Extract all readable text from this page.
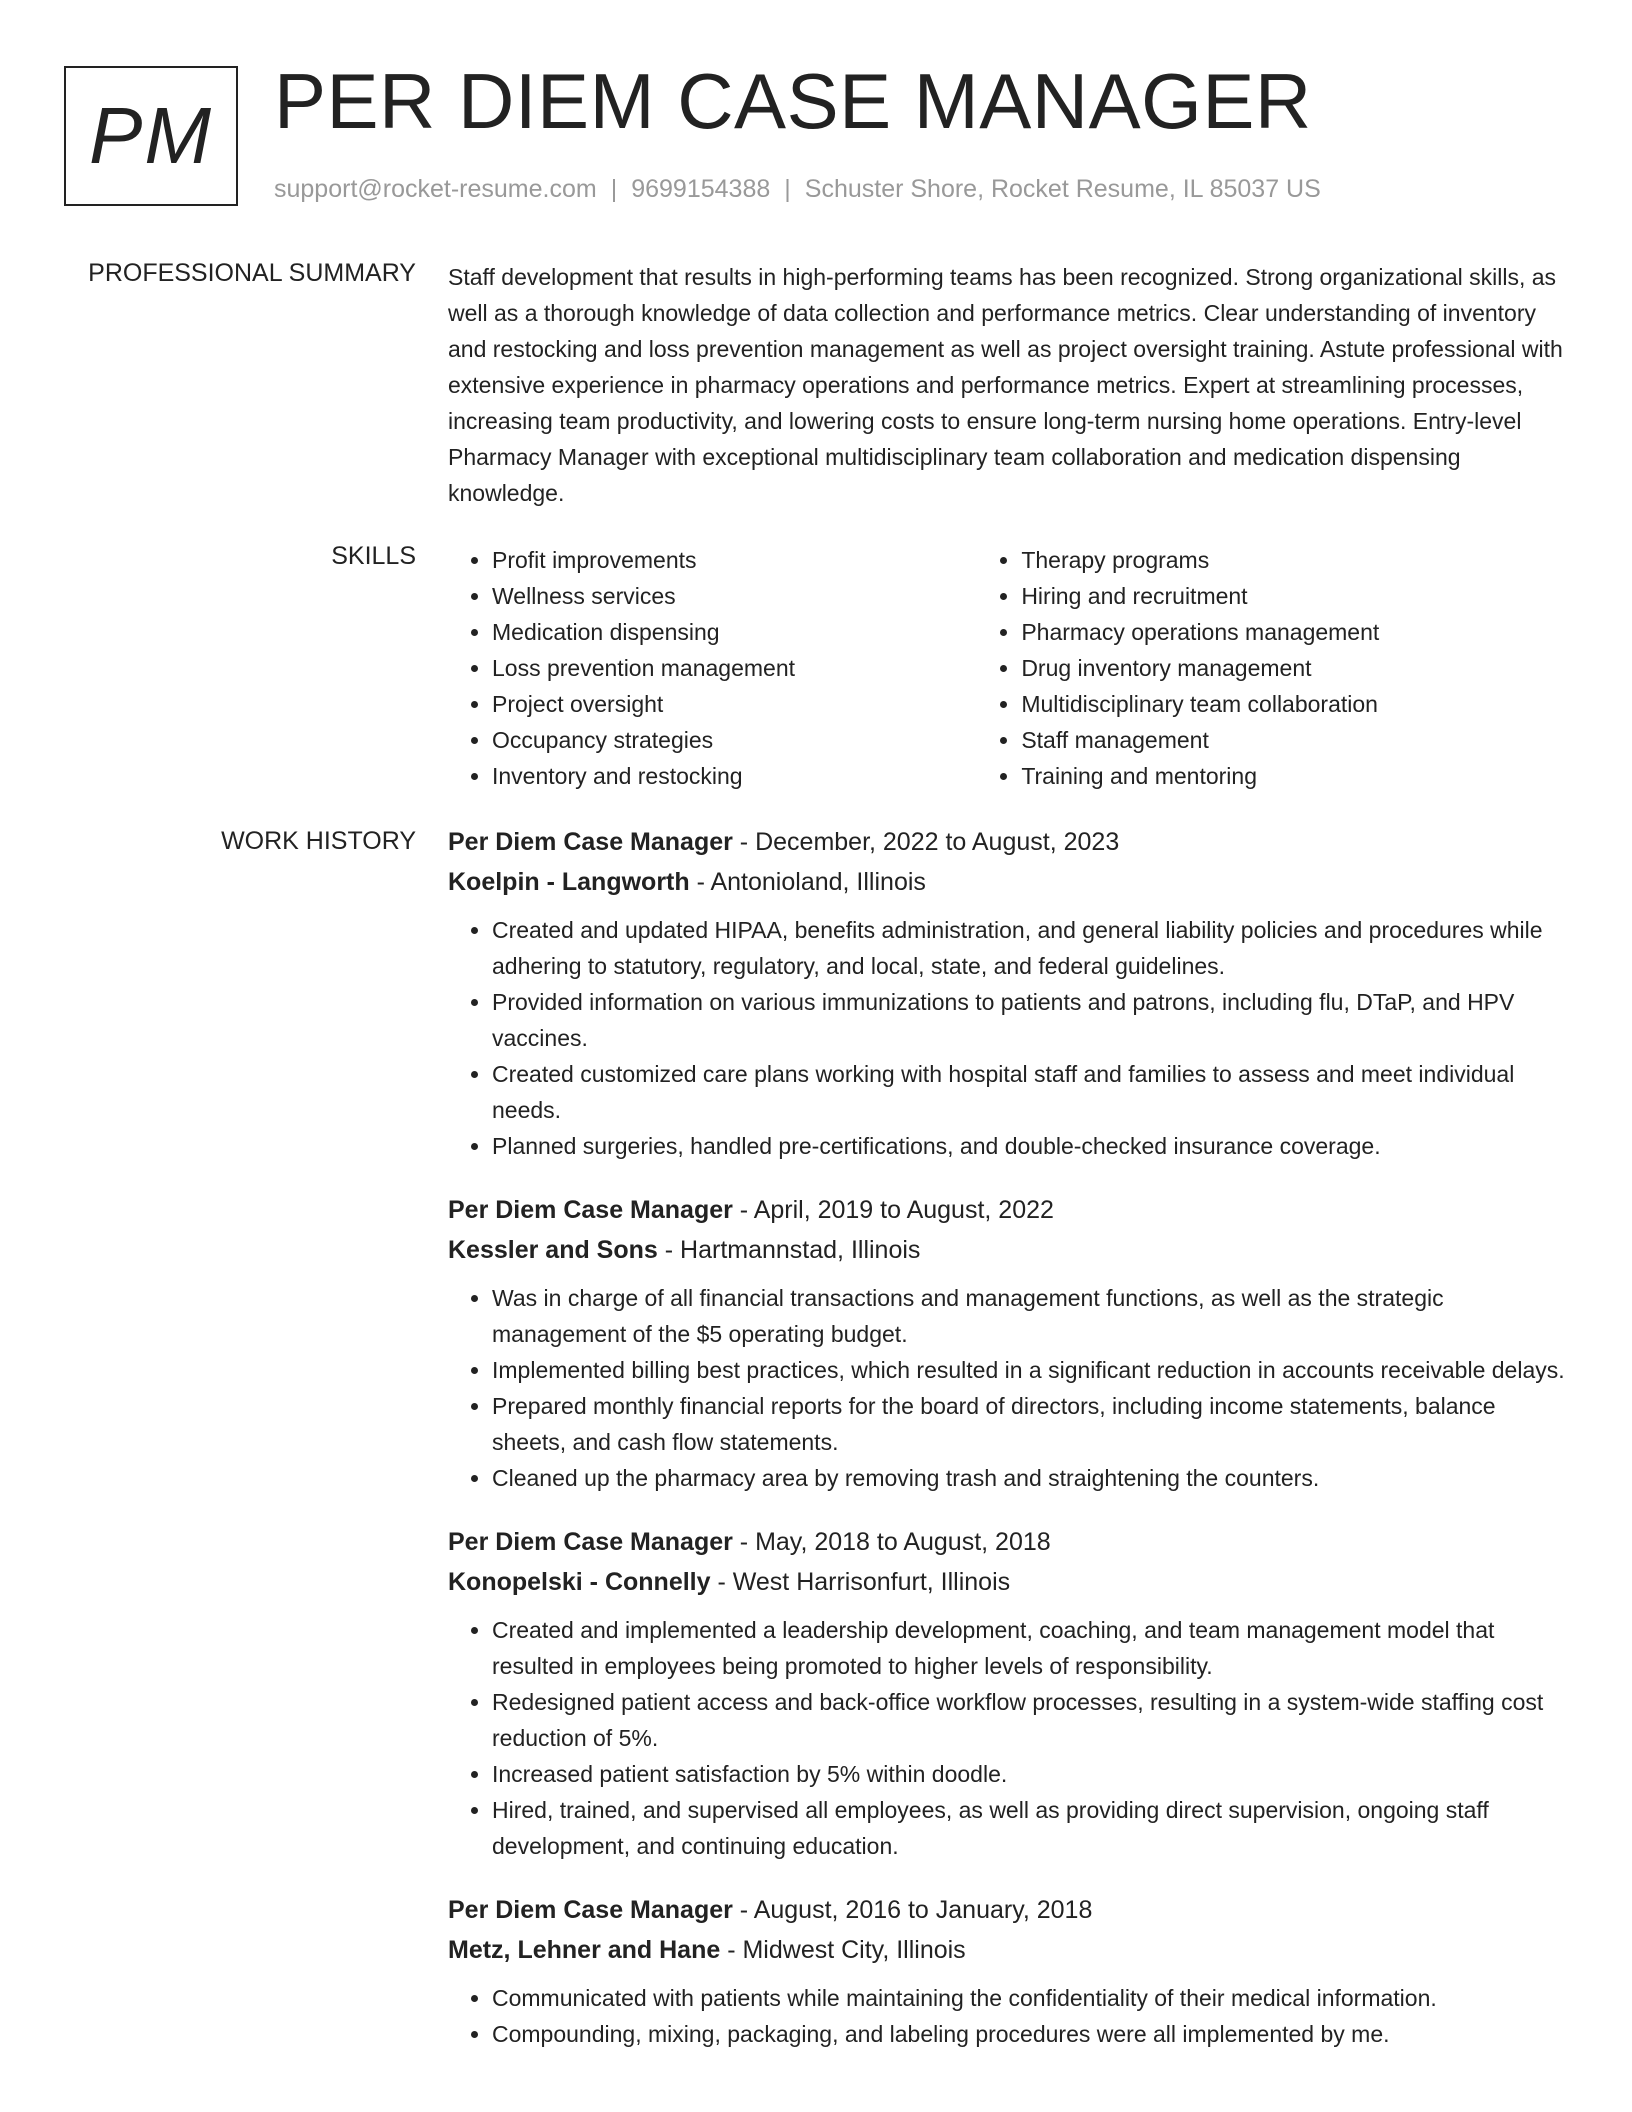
PM PER DIEM CASE MANAGER
support@rocket-resume.com | 9699154388 | Schuster Shore, Rocket Resume, IL 85037 US
PROFESSIONAL SUMMARY Staff development that results in high-performing teams has been recognized. Strong organizational skills, as well as a thorough knowledge of data collection and performance metrics. Clear understanding of inventory and restocking and loss prevention management as well as project oversight training. Astute professional with extensive experience in pharmacy operations and performance metrics. Expert at streamlining processes, increasing team productivity, and lowering costs to ensure long-term nursing home operations. Entry-level Pharmacy Manager with exceptional multidisciplinary team collaboration and medication dispensing knowledge.

SKILLS
•	Profit improvements
• Wellness services
• Medication dispensing
• Loss prevention management
• Project oversight
• Occupancy strategies
• Inventory and restocking
• Therapy programs
• Hiring and recruitment
• Pharmacy operations management
• Drug inventory management
• Multidisciplinary team collaboration
• Staff management
• Training and mentoring
WORK HISTORY Per Diem Case Manager - December, 2022 to August, 2023
Koelpin - Langworth - Antonioland, Illinois
• Created and updated HIPAA, benefits administration, and general liability policies and procedures while adhering to statutory, regulatory, and local, state, and federal guidelines.
• Provided information on various immunizations to patients and patrons, including flu, DTaP, and HPV vaccines.
• Created customized care plans working with hospital staff and families to assess and meet individual needs.
• Planned surgeries, handled pre-certifications, and double-checked insurance coverage.
Per Diem Case Manager - April, 2019 to August, 2022
Kessler and Sons - Hartmannstad, Illinois
• Was in charge of all financial transactions and management functions, as well as the strategic management of the $5 operating budget.
• Implemented billing best practices, which resulted in a significant reduction in accounts receivable delays.
• Prepared monthly financial reports for the board of directors, including income statements, balance sheets, and cash flow statements.
• Cleaned up the pharmacy area by removing trash and straightening the counters.
Per Diem Case Manager - May, 2018 to August, 2018
Konopelski - Connelly - West Harrisonfurt, Illinois
• Created and implemented a leadership development, coaching, and team management model that resulted in employees being promoted to higher levels of responsibility.
• Redesigned patient access and back-office workflow processes, resulting in a system-wide staffing cost reduction of 5%.
• Increased patient satisfaction by 5% within doodle.
• Hired, trained, and supervised all employees, as well as providing direct supervision, ongoing staff development, and continuing education.
Per Diem Case Manager - August, 2016 to January, 2018
Metz, Lehner and Hane - Midwest City, Illinois
• Communicated with patients while maintaining the confidentiality of their medical information.
• Compounding, mixing, packaging, and labeling procedures were all implemented by me.
